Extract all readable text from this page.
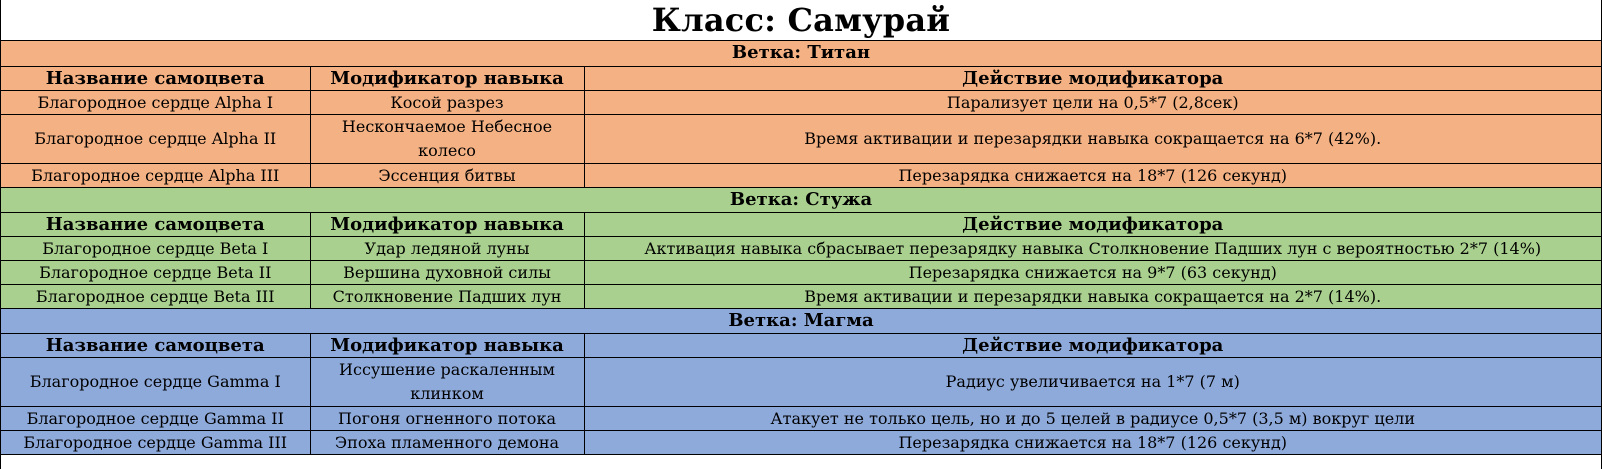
Класс: Самурай
Ветка: Титан		
Название самоцвета	Модификатор навыка	Действие модификатора
Благородное сердце Alpha I	Косой разрез	Парализует цели на 0,5*7 (2,8сек)
Благородное сердце Alpha II	Нескончаемое Небесное колесо	Время активации и перезарядки навыка сокращается на 6*7 (42%).
Благородное сердце Alpha III	Эссенция битвы	Перезарядка снижается на 18*7 (126 секунд)
Ветка: Стужа		
Название самоцвета	Модификатор навыка	Действие модификатора
Благородное сердце Beta I	Удар ледяной луны	Активация навыка сбрасывает перезарядку навыка Столкновение Падших лун с вероятностью 2*7 (14%)
Благородное сердце Beta II	Вершина духовной силы	Перезарядка снижается на 9*7 (63 секунд)
Благородное сердце Beta III	Столкновение Падших лун	Время активации и перезарядки навыка сокращается на 2*7 (14%).
Ветка: Магма		
Название самоцвета	Модификатор навыка	Действие модификатора
Благородное сердце Gamma I	Иссушение раскаленным клинком	Радиус увеличивается на 1*7 (7 м)
Благородное сердце Gamma II	Погоня огненного потока	Атакует не только цель, но и до 5 целей в радиусе 0,5*7 (3,5 м) вокруг цели
Благородное сердце Gamma III	Эпоха пламенного демона	Перезарядка снижается на 18*7 (126 секунд)
